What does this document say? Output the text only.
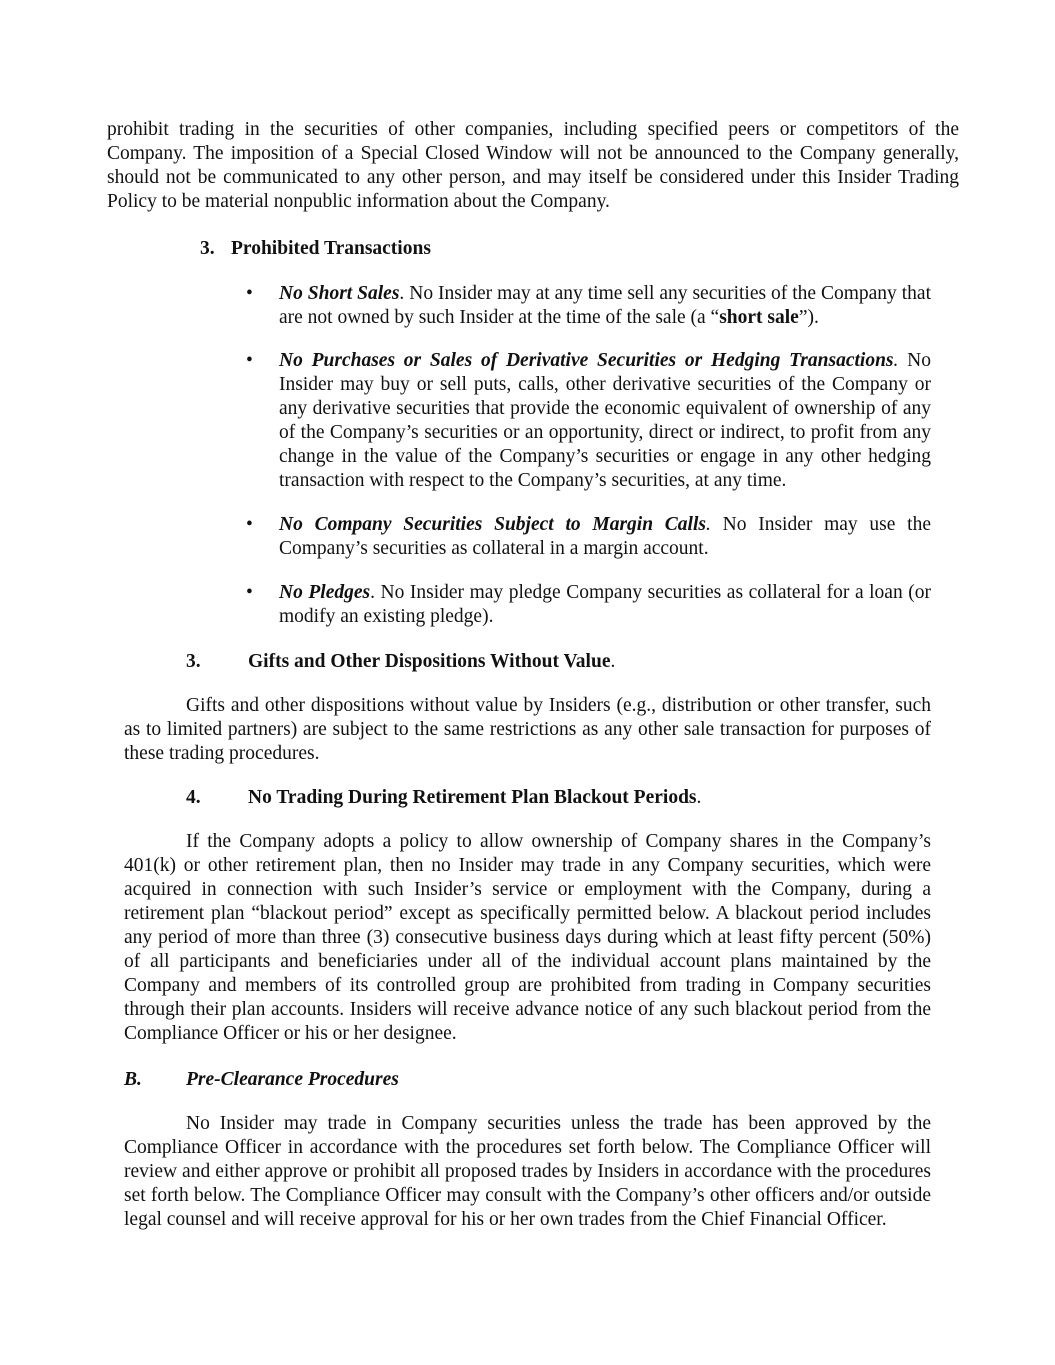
prohibit trading in the securities of other companies, including specified peers or competitors of the Company. The imposition of a Special Closed Window will not be announced to the Company generally, should not be communicated to any other person, and may itself be considered under this Insider Trading Policy to be material nonpublic information about the Company.

3. Prohibited Transactions
• No Short Sales. No Insider may at any time sell any securities of the Company that are not owned by such Insider at the time of the sale (a “short sale”).

• No Purchases or Sales of Derivative Securities or Hedging Transactions. No Insider may buy or sell puts, calls, other derivative securities of the Company or any derivative securities that provide the economic equivalent of ownership of any of the Company’s securities or an opportunity, direct or indirect, to profit from any change in the value of the Company’s securities or engage in any other hedging transaction with respect to the Company’s securities, at any time.

• No Company Securities Subject to Margin Calls. No Insider may use the Company’s securities as collateral in a margin account.

• No Pledges. No Insider may pledge Company securities as collateral for a loan (or modify an existing pledge).

3. Gifts and Other Dispositions Without Value.

Gifts and other dispositions without value by Insiders (e.g., distribution or other transfer, such as to limited partners) are subject to the same restrictions as any other sale transaction for purposes of these trading procedures.

4. No Trading During Retirement Plan Blackout Periods.

If the Company adopts a policy to allow ownership of Company shares in the Company’s 401(k) or other retirement plan, then no Insider may trade in any Company securities, which were acquired in connection with such Insider’s service or employment with the Company, during a retirement plan “blackout period” except as specifically permitted below. A blackout period includes any period of more than three (3) consecutive business days during which at least fifty percent (50%) of all participants and beneficiaries under all of the individual account plans maintained by the Company and members of its controlled group are prohibited from trading in Company securities through their plan accounts. Insiders will receive advance notice of any such blackout period from the Compliance Officer or his or her designee.

B. Pre-Clearance Procedures

No Insider may trade in Company securities unless the trade has been approved by the Compliance Officer in accordance with the procedures set forth below. The Compliance Officer will review and either approve or prohibit all proposed trades by Insiders in accordance with the procedures set forth below. The Compliance Officer may consult with the Company’s other officers and/or outside legal counsel and will receive approval for his or her own trades from the Chief Financial Officer.
